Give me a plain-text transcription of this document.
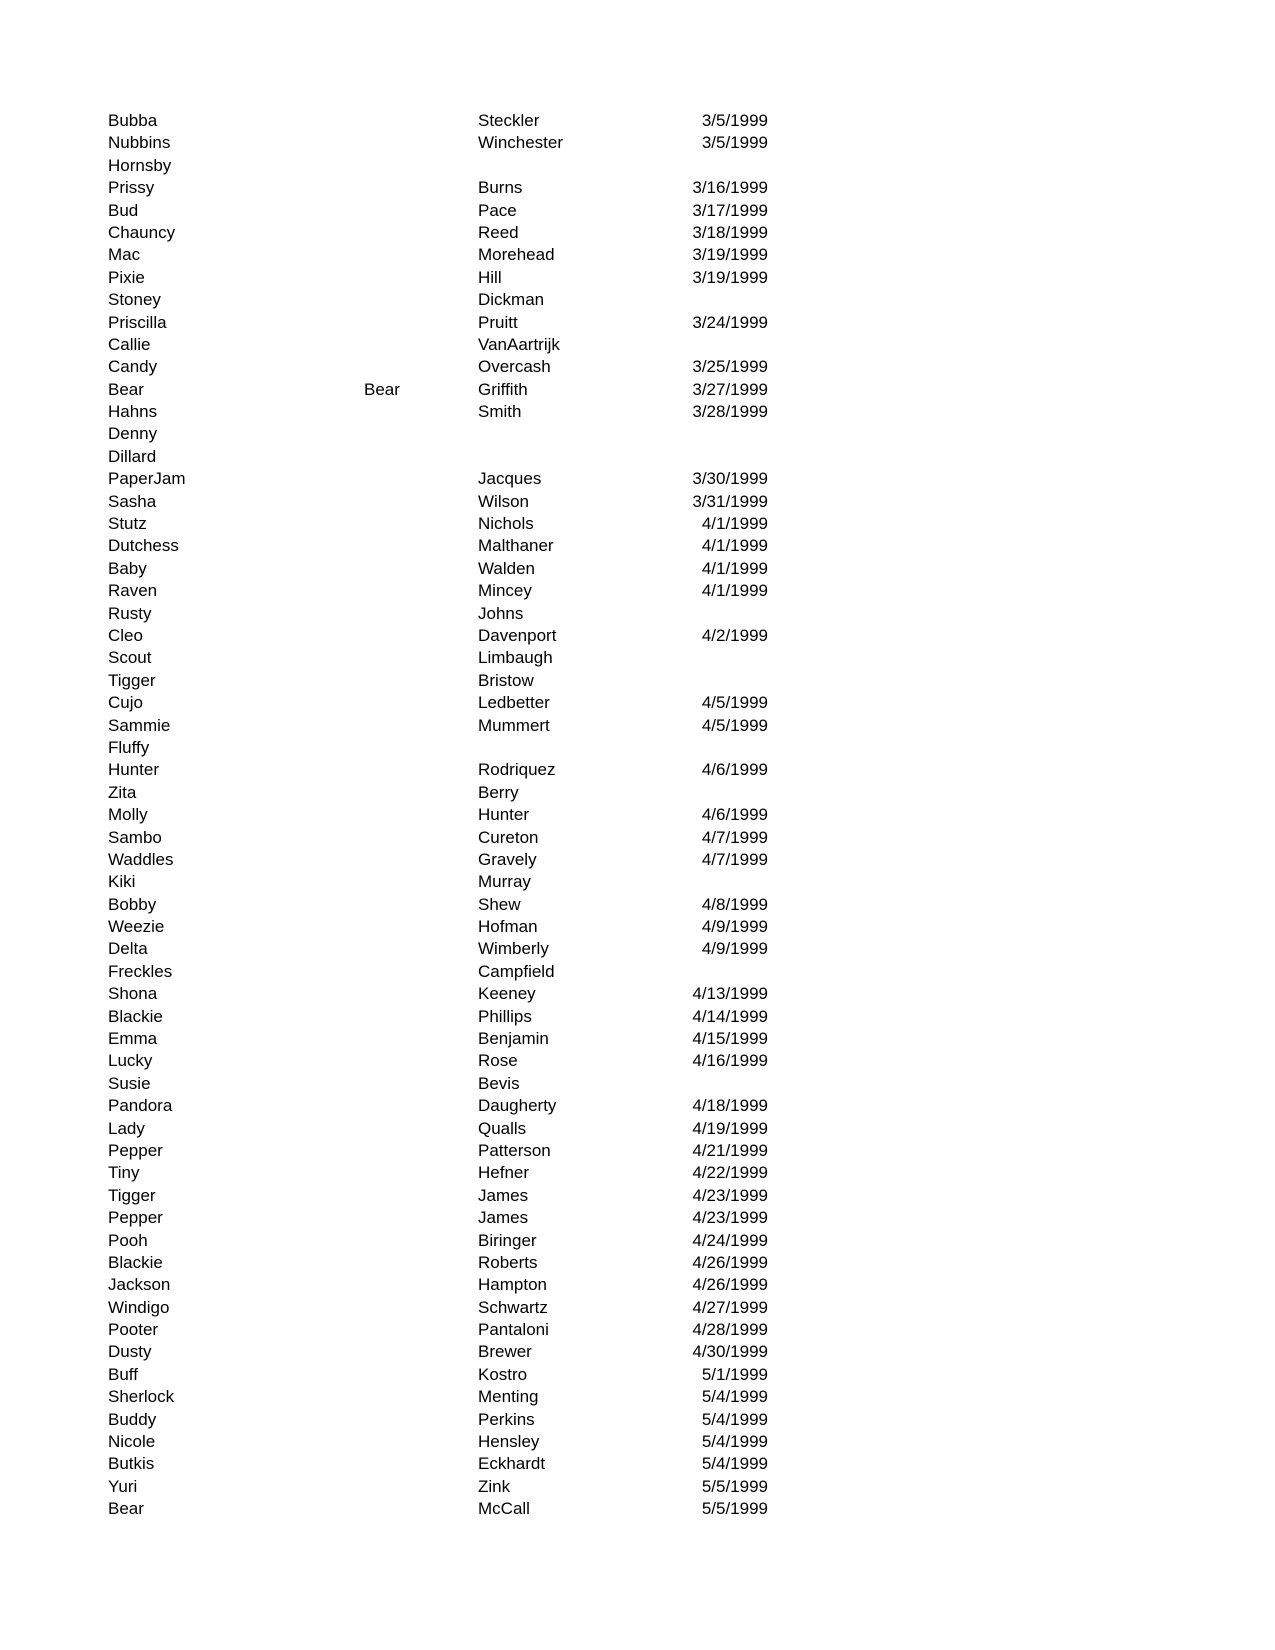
Bubba	Steckler	3/5/1999
Nubbins	Winchester	3/5/1999
Hornsby
Prissy	Burns	3/16/1999
Bud	Pace	3/17/1999
Chauncy	Reed	3/18/1999
Mac	Morehead	3/19/1999
Pixie	Hill	3/19/1999
Stoney	Dickman
Priscilla	Pruitt	3/24/1999
Callie	VanAartrijk
Candy	Overcash	3/25/1999
Bear	Bear	Griffith	3/27/1999
Hahns	Smith	3/28/1999
Denny
Dillard
PaperJam	Jacques	3/30/1999
Sasha	Wilson	3/31/1999
Stutz	Nichols	4/1/1999
Dutchess	Malthaner	4/1/1999
Baby	Walden	4/1/1999
Raven	Mincey	4/1/1999
Rusty	Johns
Cleo	Davenport	4/2/1999
Scout	Limbaugh
Tigger	Bristow
Cujo	Ledbetter	4/5/1999
Sammie	Mummert	4/5/1999
Fluffy
Hunter	Rodriquez	4/6/1999
Zita	Berry
Molly	Hunter	4/6/1999
Sambo	Cureton	4/7/1999
Waddles	Gravely	4/7/1999
Kiki	Murray
Bobby	Shew	4/8/1999
Weezie	Hofman	4/9/1999
Delta	Wimberly	4/9/1999
Freckles	Campfield
Shona	Keeney	4/13/1999
Blackie	Phillips	4/14/1999
Emma	Benjamin	4/15/1999
Lucky	Rose	4/16/1999
Susie	Bevis
Pandora	Daugherty	4/18/1999
Lady	Qualls	4/19/1999
Pepper	Patterson	4/21/1999
Tiny	Hefner	4/22/1999
Tigger	James	4/23/1999
Pepper	James	4/23/1999
Pooh	Biringer	4/24/1999
Blackie	Roberts	4/26/1999
Jackson	Hampton	4/26/1999
Windigo	Schwartz	4/27/1999
Pooter	Pantaloni	4/28/1999
Dusty	Brewer	4/30/1999
Buff	Kostro	5/1/1999
Sherlock	Menting	5/4/1999
Buddy	Perkins	5/4/1999
Nicole	Hensley	5/4/1999
Butkis	Eckhardt	5/4/1999
Yuri	Zink	5/5/1999
Bear	McCall	5/5/1999
